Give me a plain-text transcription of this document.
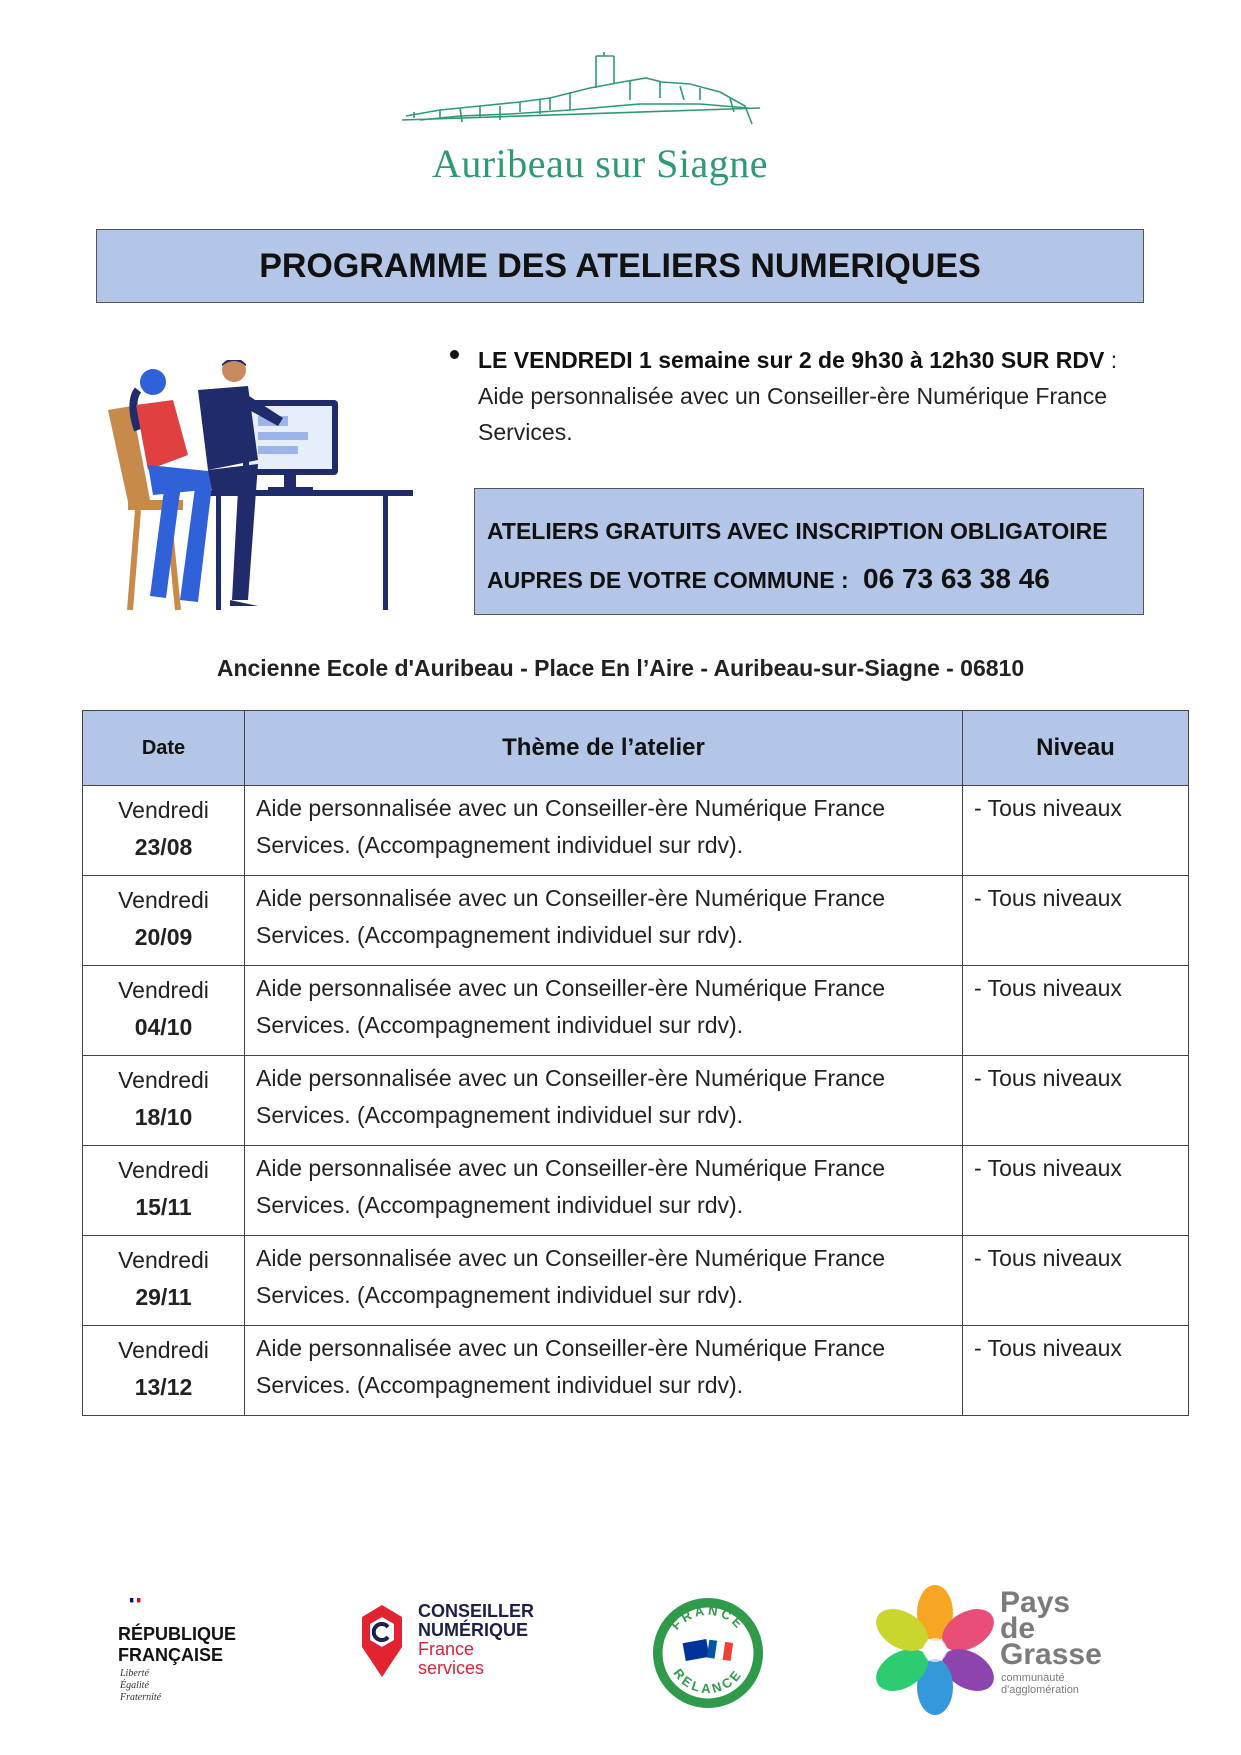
Auribeau sur Siagne
PROGRAMME DES ATELIERS NUMERIQUES
LE VENDREDI 1 semaine sur 2 de 9h30 à 12h30 SUR RDV : Aide personnalisée avec un Conseiller-ère Numérique France Services.
ATELIERS GRATUITS AVEC INSCRIPTION OBLIGATOIRE
AUPRES DE VOTRE COMMUNE : 06 73 63 38 46
Ancienne Ecole d'Auribeau - Place En l’Aire - Auribeau-sur-Siagne - 06810
Date	Thème de l’atelier	Niveau
Vendredi
23/08	Aide personnalisée avec un Conseiller-ère Numérique France Services. (Accompagnement individuel sur rdv).	- Tous niveaux
Vendredi
20/09	Aide personnalisée avec un Conseiller-ère Numérique France Services. (Accompagnement individuel sur rdv).	- Tous niveaux
Vendredi
04/10	Aide personnalisée avec un Conseiller-ère Numérique France Services. (Accompagnement individuel sur rdv).	- Tous niveaux
Vendredi
18/10	Aide personnalisée avec un Conseiller-ère Numérique France Services. (Accompagnement individuel sur rdv).	- Tous niveaux
Vendredi
15/11	Aide personnalisée avec un Conseiller-ère Numérique France Services. (Accompagnement individuel sur rdv).	- Tous niveaux
Vendredi
29/11	Aide personnalisée avec un Conseiller-ère Numérique France Services. (Accompagnement individuel sur rdv).	- Tous niveaux
Vendredi
13/12	Aide personnalisée avec un Conseiller-ère Numérique France Services. (Accompagnement individuel sur rdv).	- Tous niveaux
RÉPUBLIQUE
FRANÇAISE
Liberté
Égalité
Fraternité
CONSEILLER
NUMÉRIQUE
France
services
FRANCE
RELANCE
Pays
de
Grasse
communauté
d'agglomération
